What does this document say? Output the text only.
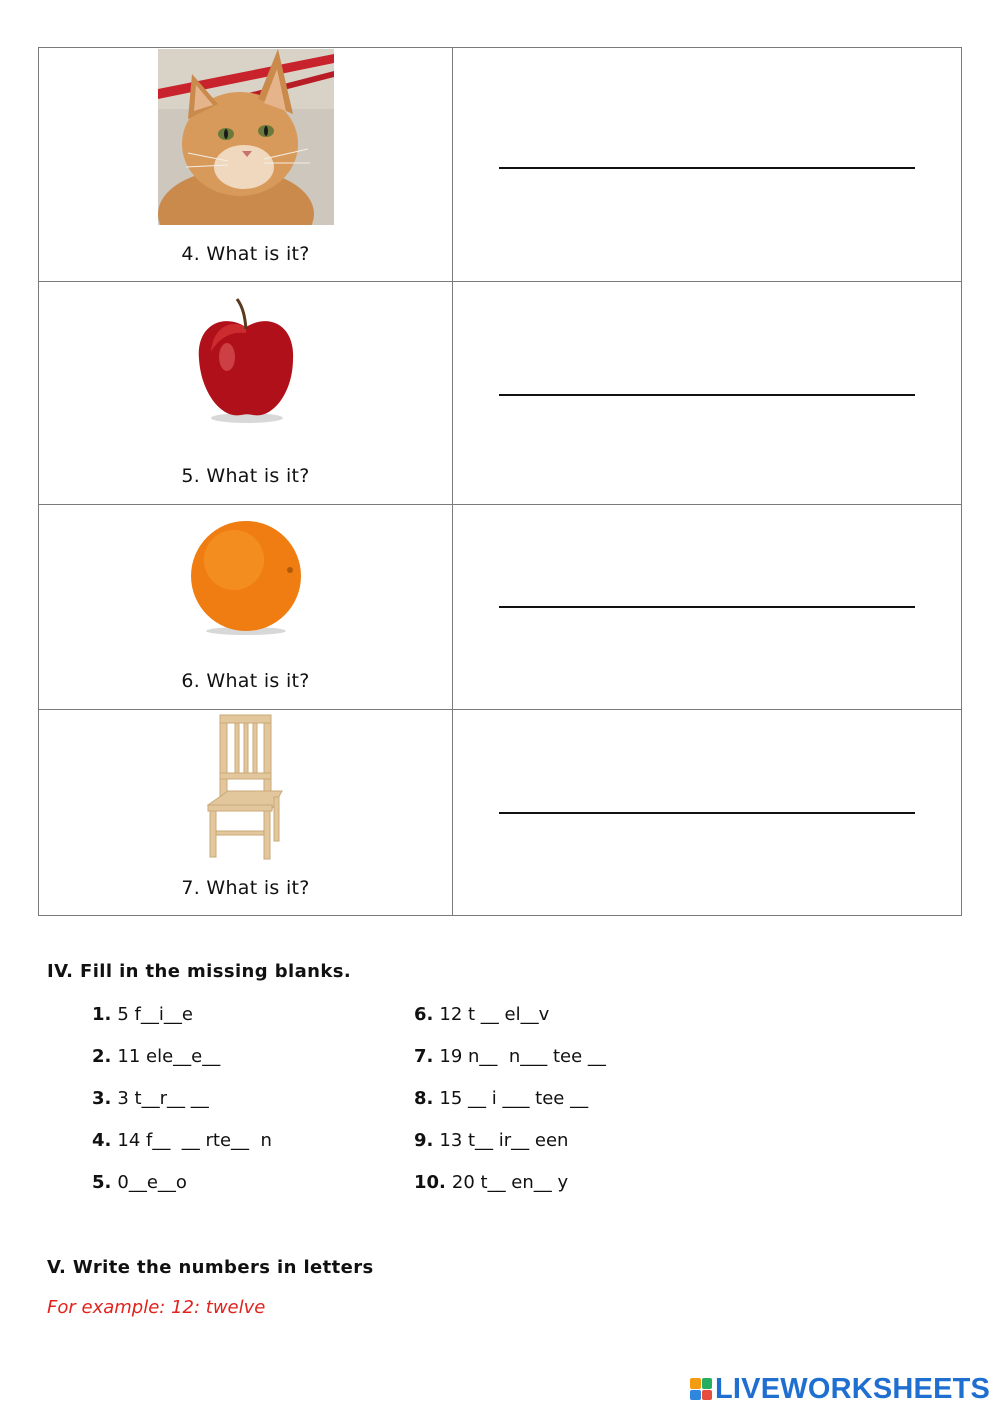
4. What is it?

5. What is it?

6. What is it?

7. What is it?

IV. Fill in the missing blanks.
1. 5 f__i__e
2. 11 ele__e__
3. 3 t__r__ __
4. 14 f__  __ rte__  n
5. 0__e__o
6. 12 t __ el__v
7. 19 n__  n___ tee __
8. 15 __ i ___ tee __
9. 13 t__ ir__ een
10. 20 t__ en__ y
V. Write the numbers in letters
For example: 12: twelve
LIVEWORKSHEETS
